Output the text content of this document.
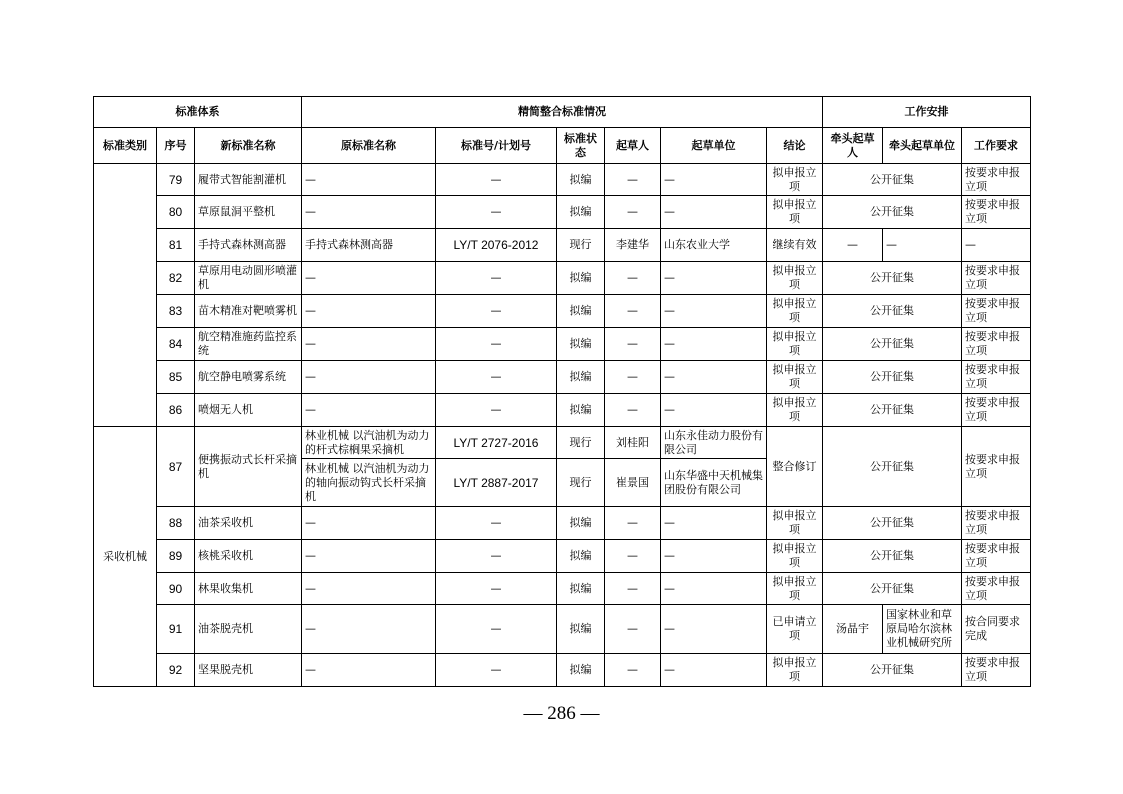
标准体系			精简整合标准情况						工作安排		
标准类别	序号	新标准名称	原标准名称	标准号/计划号	标准状态	起草人	起草单位	结论	牵头起草人	牵头起草单位	工作要求
	79	履带式智能割灌机	—	—	拟编	—	—	拟申报立项	公开征集		按要求申报立项
	80	草原鼠洞平整机	—	—	拟编	—	—	拟申报立项	公开征集		按要求申报立项
	81	手持式森林测高器	手持式森林测高器	LY/T 2076-2012	现行	李建华	山东农业大学	继续有效	—	—	—
	82	草原用电动圆形喷灌机	—	—	拟编	—	—	拟申报立项	公开征集		按要求申报立项
	83	苗木精准对靶喷雾机	—	—	拟编	—	—	拟申报立项	公开征集		按要求申报立项
	84	航空精准施药监控系统	—	—	拟编	—	—	拟申报立项	公开征集		按要求申报立项
	85	航空静电喷雾系统	—	—	拟编	—	—	拟申报立项	公开征集		按要求申报立项
	86	喷烟无人机	—	—	拟编	—	—	拟申报立项	公开征集		按要求申报立项
采收机械	87	便携振动式长杆采摘机	林业机械 以汽油机为动力的杆式棕榈果采摘机	LY/T 2727-2016	现行	刘桂阳	山东永佳动力股份有限公司	整合修订	公开征集		按要求申报立项
			林业机械 以汽油机为动力的轴向振动钩式长杆采摘机	LY/T 2887-2017	现行	崔景国	山东华盛中天机械集团股份有限公司				
	88	油茶采收机	—	—	拟编	—	—	拟申报立项	公开征集		按要求申报立项
	89	核桃采收机	—	—	拟编	—	—	拟申报立项	公开征集		按要求申报立项
	90	林果收集机	—	—	拟编	—	—	拟申报立项	公开征集		按要求申报立项
	91	油茶脱壳机	—	—	拟编	—	—	已申请立项	汤晶宇	国家林业和草原局哈尔滨林业机械研究所	按合同要求完成
	92	坚果脱壳机	—	—	拟编	—	—	拟申报立项	公开征集		按要求申报立项
— 286 —
